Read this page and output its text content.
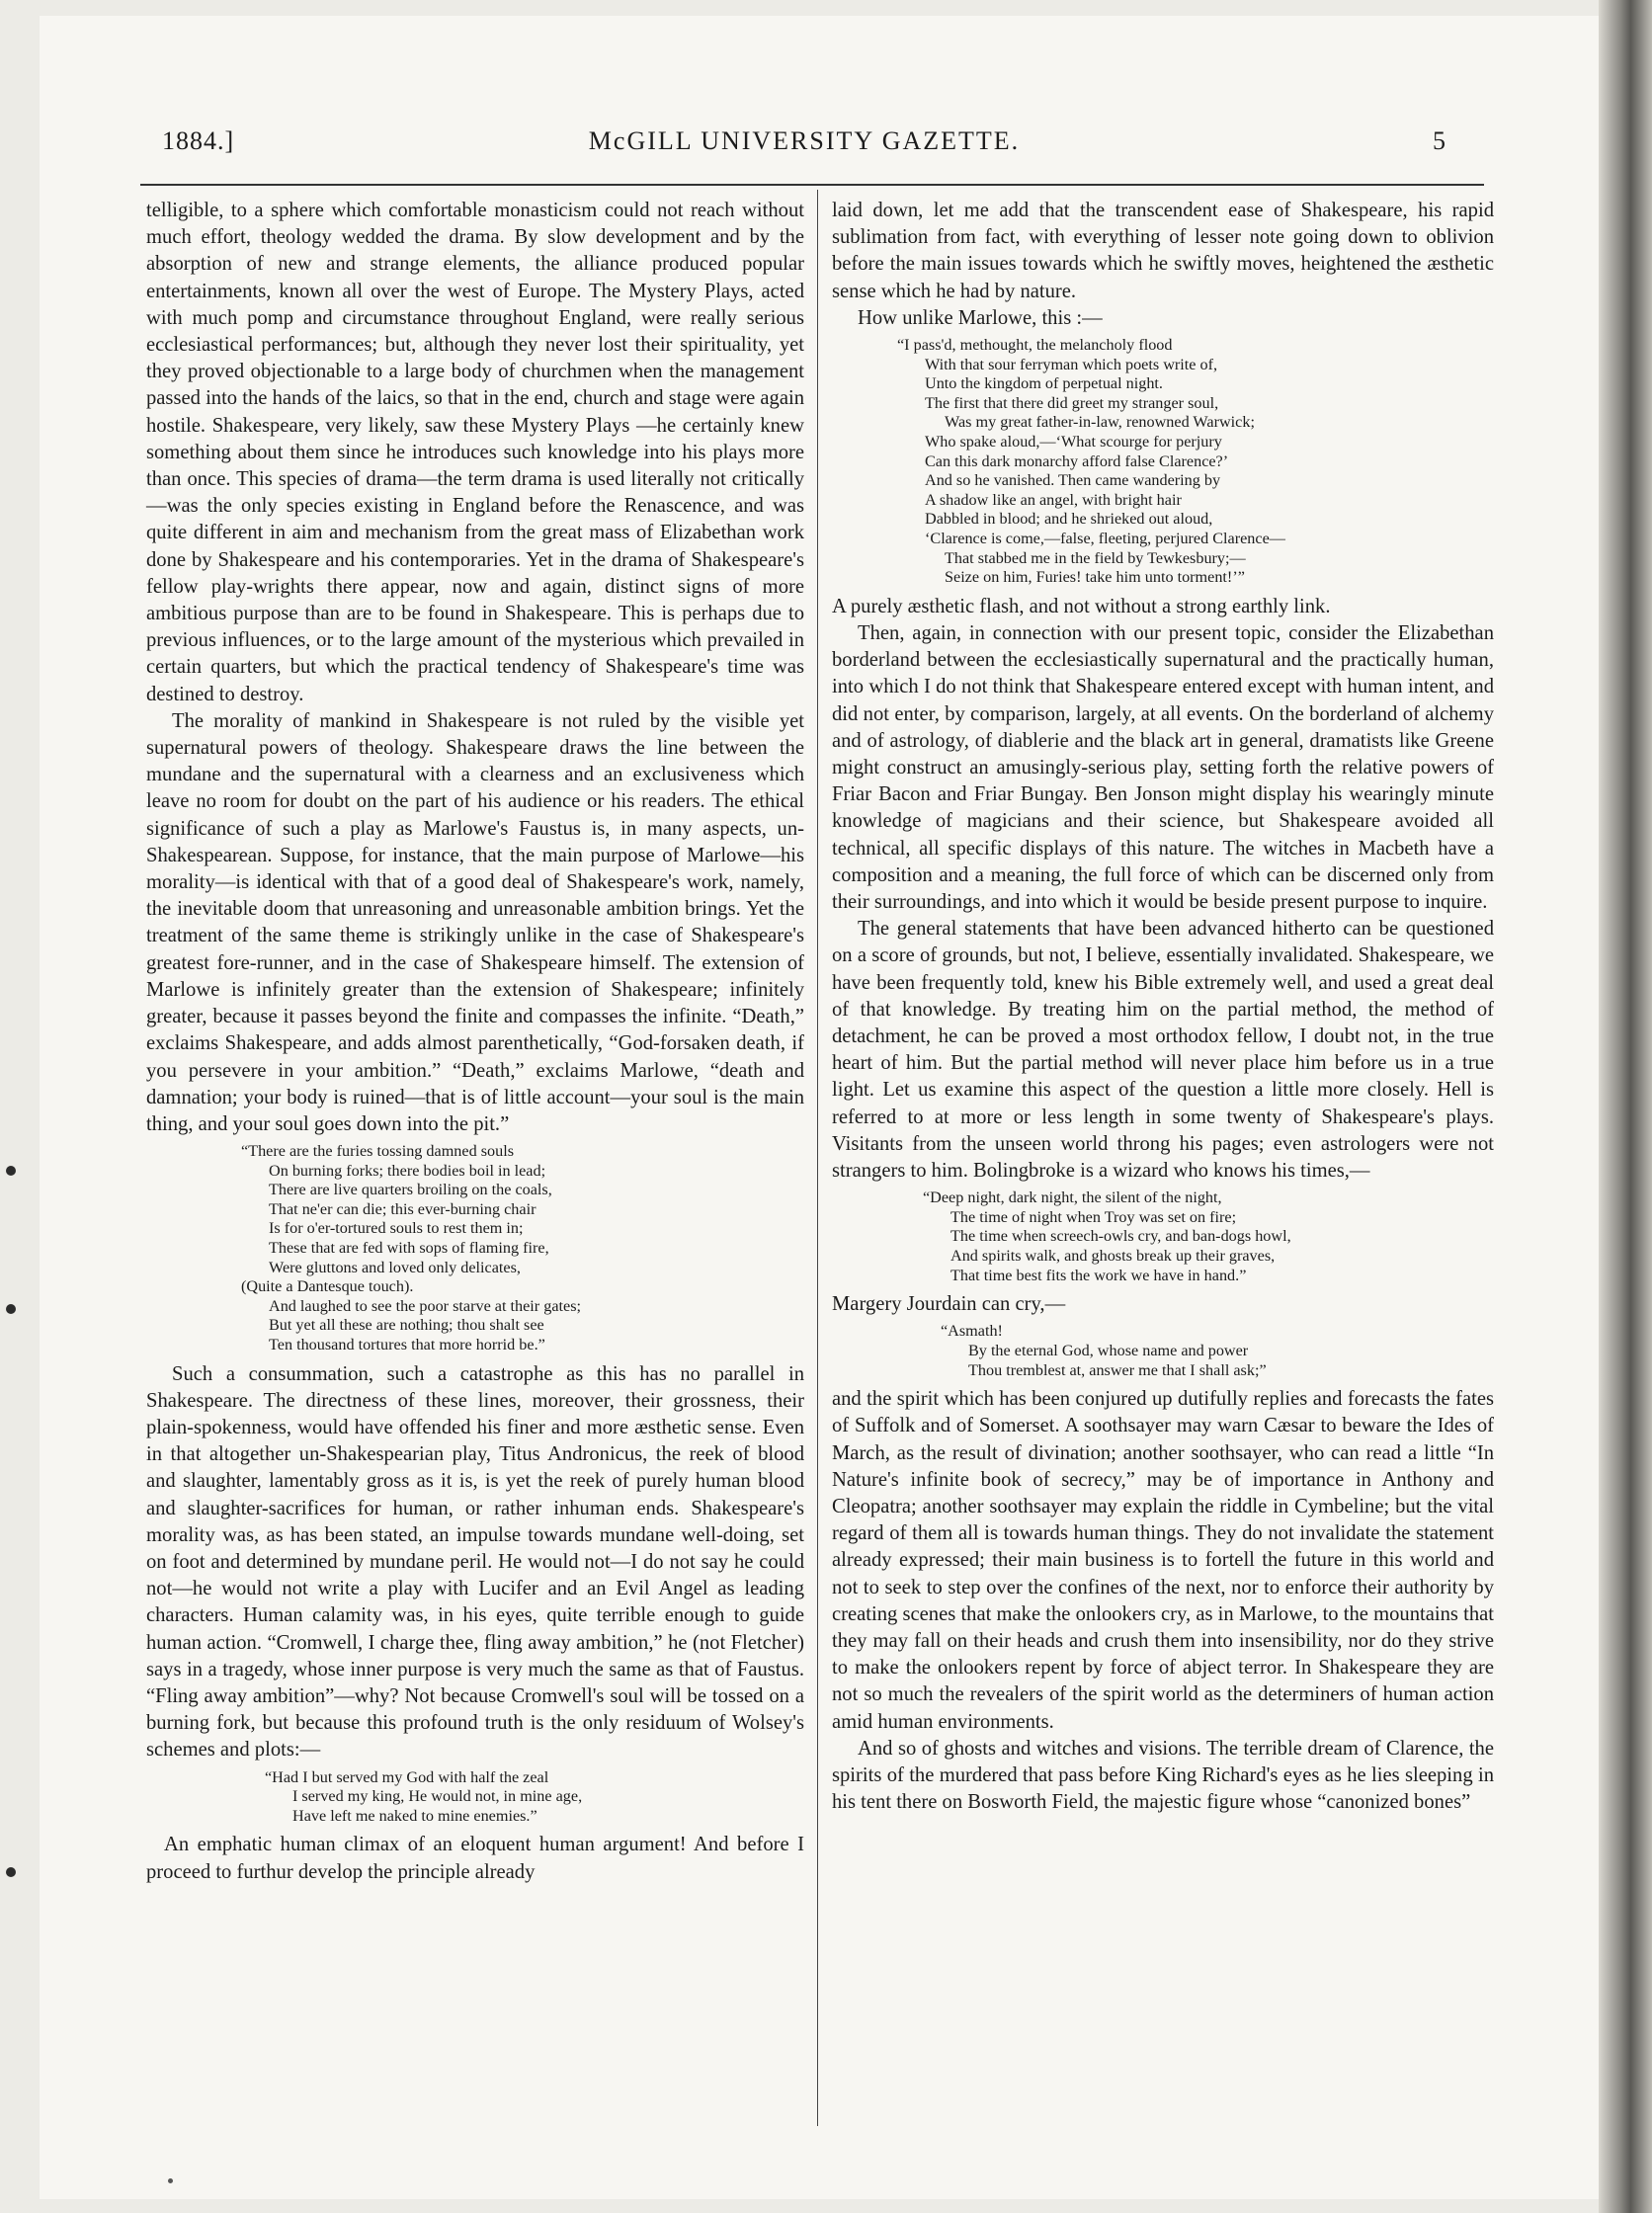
1884.]	McGILL UNIVERSITY GAZETTE.	5

telligible, to a sphere which comfortable monasticism could not reach without much effort, theology wedded the drama. By slow development and by the absorption of new and strange elements, the alliance produced popular entertainments, known all over the west of Europe. The Mystery Plays, acted with much pomp and circumstance throughout England, were really serious ecclesiastical performances; but, although they never lost their spirituality, yet they proved objectionable to a large body of churchmen when the management passed into the hands of the laics, so that in the end, church and stage were again hostile. Shakespeare, very likely, saw these Mystery Plays —he certainly knew something about them since he introduces such knowledge into his plays more than once. This species of drama—the term drama is used literally not critically—was the only species existing in England before the Renascence, and was quite different in aim and mechanism from the great mass of Elizabethan work done by Shakespeare and his contemporaries. Yet in the drama of Shakespeare's fellow play-wrights there appear, now and again, distinct signs of more ambitious purpose than are to be found in Shakespeare. This is perhaps due to previous influences, or to the large amount of the mysterious which prevailed in certain quarters, but which the practical tendency of Shakespeare's time was destined to destroy.

The morality of mankind in Shakespeare is not ruled by the visible yet supernatural powers of theology. Shakespeare draws the line between the mundane and the supernatural with a clearness and an exclusiveness which leave no room for doubt on the part of his audience or his readers. The ethical significance of such a play as Marlowe's Faustus is, in many aspects, un-Shakespearean. Suppose, for instance, that the main purpose of Marlowe—his morality—is identical with that of a good deal of Shakespeare's work, namely, the inevitable doom that unreasoning and unreasonable ambition brings. Yet the treatment of the same theme is strikingly unlike in the case of Shakespeare's greatest fore-runner, and in the case of Shakespeare himself. The extension of Marlowe is infinitely greater than the extension of Shakespeare; infinitely greater, because it passes beyond the finite and compasses the infinite. “Death,” exclaims Shakespeare, and adds almost parenthetically, “God-forsaken death, if you persevere in your ambition.” “Death,” exclaims Marlowe, “death and damnation; your body is ruined—that is of little account—your soul is the main thing, and your soul goes down into the pit.”

“There are the furies tossing damned souls
On burning forks; there bodies boil in lead;
There are live quarters broiling on the coals,
That ne'er can die; this ever-burning chair
Is for o'er-tortured souls to rest them in;
These that are fed with sops of flaming fire,
Were gluttons and loved only delicates,
(Quite a Dantesque touch).
And laughed to see the poor starve at their gates;
But yet all these are nothing; thou shalt see
Ten thousand tortures that more horrid be.”

Such a consummation, such a catastrophe as this has no parallel in Shakespeare. The directness of these lines, moreover, their grossness, their plain-spokenness, would have offended his finer and more æsthetic sense. Even in that altogether un-Shakespearian play, Titus Andronicus, the reek of blood and slaughter, lamentably gross as it is, is yet the reek of purely human blood and slaughter-sacrifices for human, or rather inhuman ends. Shakespeare's morality was, as has been stated, an impulse towards mundane well-doing, set on foot and determined by mundane peril. He would not—I do not say he could not—he would not write a play with Lucifer and an Evil Angel as leading characters. Human calamity was, in his eyes, quite terrible enough to guide human action. “Cromwell, I charge thee, fling away ambition,” he (not Fletcher) says in a tragedy, whose inner purpose is very much the same as that of Faustus. “Fling away ambition”—why? Not because Cromwell's soul will be tossed on a burning fork, but because this profound truth is the only residuum of Wolsey's schemes and plots:—

“Had I but served my God with half the zeal
I served my king, He would not, in mine age,
Have left me naked to mine enemies.”

An emphatic human climax of an eloquent human argument! And before I proceed to furthur develop the principle already

laid down, let me add that the transcendent ease of Shakespeare, his rapid sublimation from fact, with everything of lesser note going down to oblivion before the main issues towards which he swiftly moves, heightened the æsthetic sense which he had by nature.

How unlike Marlowe, this :—

“I pass'd, methought, the melancholy flood
With that sour ferryman which poets write of,
Unto the kingdom of perpetual night.
The first that there did greet my stranger soul,
Was my great father-in-law, renowned Warwick;
Who spake aloud,—‘What scourge for perjury
Can this dark monarchy afford false Clarence?’
And so he vanished. Then came wandering by
A shadow like an angel, with bright hair
Dabbled in blood; and he shrieked out aloud,
‘Clarence is come,—false, fleeting, perjured Clarence—
That stabbed me in the field by Tewkesbury;—
Seize on him, Furies! take him unto torment!’”

A purely æsthetic flash, and not without a strong earthly link.

Then, again, in connection with our present topic, consider the Elizabethan borderland between the ecclesiastically supernatural and the practically human, into which I do not think that Shakespeare entered except with human intent, and did not enter, by comparison, largely, at all events. On the borderland of alchemy and of astrology, of diablerie and the black art in general, dramatists like Greene might construct an amusingly-serious play, setting forth the relative powers of Friar Bacon and Friar Bungay. Ben Jonson might display his wearingly minute knowledge of magicians and their science, but Shakespeare avoided all technical, all specific displays of this nature. The witches in Macbeth have a composition and a meaning, the full force of which can be discerned only from their surroundings, and into which it would be beside present purpose to inquire.

The general statements that have been advanced hitherto can be questioned on a score of grounds, but not, I believe, essentially invalidated. Shakespeare, we have been frequently told, knew his Bible extremely well, and used a great deal of that knowledge. By treating him on the partial method, the method of detachment, he can be proved a most orthodox fellow, I doubt not, in the true heart of him. But the partial method will never place him before us in a true light. Let us examine this aspect of the question a little more closely. Hell is referred to at more or less length in some twenty of Shakespeare's plays. Visitants from the unseen world throng his pages; even astrologers were not strangers to him. Bolingbroke is a wizard who knows his times,—

“Deep night, dark night, the silent of the night,
The time of night when Troy was set on fire;
The time when screech-owls cry, and ban-dogs howl,
And spirits walk, and ghosts break up their graves,
That time best fits the work we have in hand.”

Margery Jourdain can cry,—

“Asmath!
By the eternal God, whose name and power
Thou tremblest at, answer me that I shall ask;”

and the spirit which has been conjured up dutifully replies and forecasts the fates of Suffolk and of Somerset. A soothsayer may warn Cæsar to beware the Ides of March, as the result of divination; another soothsayer, who can read a little “In Nature's infinite book of secrecy,” may be of importance in Anthony and Cleopatra; another soothsayer may explain the riddle in Cymbeline; but the vital regard of them all is towards human things. They do not invalidate the statement already expressed; their main business is to fortell the future in this world and not to seek to step over the confines of the next, nor to enforce their authority by creating scenes that make the onlookers cry, as in Marlowe, to the mountains that they may fall on their heads and crush them into insensibility, nor do they strive to make the onlookers repent by force of abject terror. In Shakespeare they are not so much the revealers of the spirit world as the determiners of human action amid human environments.

And so of ghosts and witches and visions. The terrible dream of Clarence, the spirits of the murdered that pass before King Richard's eyes as he lies sleeping in his tent there on Bosworth Field, the majestic figure whose “canonized bones”
